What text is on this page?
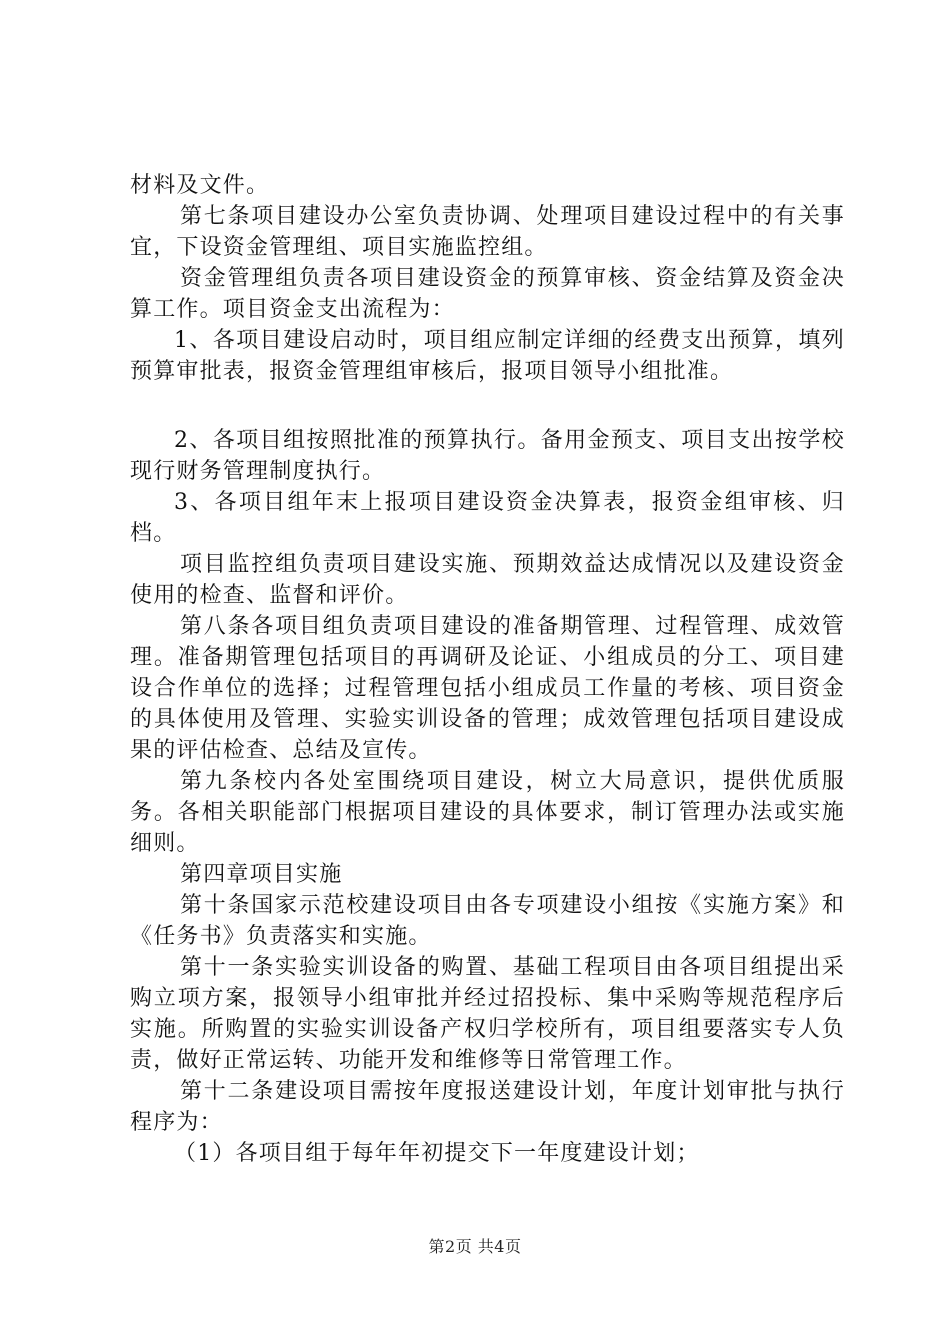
材料及文件。

第七条项目建设办公室负责协调、处理项目建设过程中的有关事宜，下设资金管理组、项目实施监控组。

资金管理组负责各项目建设资金的预算审核、资金结算及资金决算工作。项目资金支出流程为：

1、各项目建设启动时，项目组应制定详细的经费支出预算，填列预算审批表，报资金管理组审核后，报项目领导小组批准。

2、各项目组按照批准的预算执行。备用金预支、项目支出按学校现行财务管理制度执行。

3、各项目组年末上报项目建设资金决算表，报资金组审核、归档。

项目监控组负责项目建设实施、预期效益达成情况以及建设资金使用的检查、监督和评价。

第八条各项目组负责项目建设的准备期管理、过程管理、成效管理。准备期管理包括项目的再调研及论证、小组成员的分工、项目建设合作单位的选择；过程管理包括小组成员工作量的考核、项目资金的具体使用及管理、实验实训设备的管理；成效管理包括项目建设成果的评估检查、总结及宣传。

第九条校内各处室围绕项目建设，树立大局意识，提供优质服务。各相关职能部门根据项目建设的具体要求，制订管理办法或实施细则。

第四章项目实施

第十条国家示范校建设项目由各专项建设小组按《实施方案》和《任务书》负责落实和实施。

第十一条实验实训设备的购置、基础工程项目由各项目组提出采购立项方案，报领导小组审批并经过招投标、集中采购等规范程序后实施。所购置的实验实训设备产权归学校所有，项目组要落实专人负责，做好正常运转、功能开发和维修等日常管理工作。

第十二条建设项目需按年度报送建设计划，年度计划审批与执行程序为：

（1）各项目组于每年年初提交下一年度建设计划；

第2页 共4页
